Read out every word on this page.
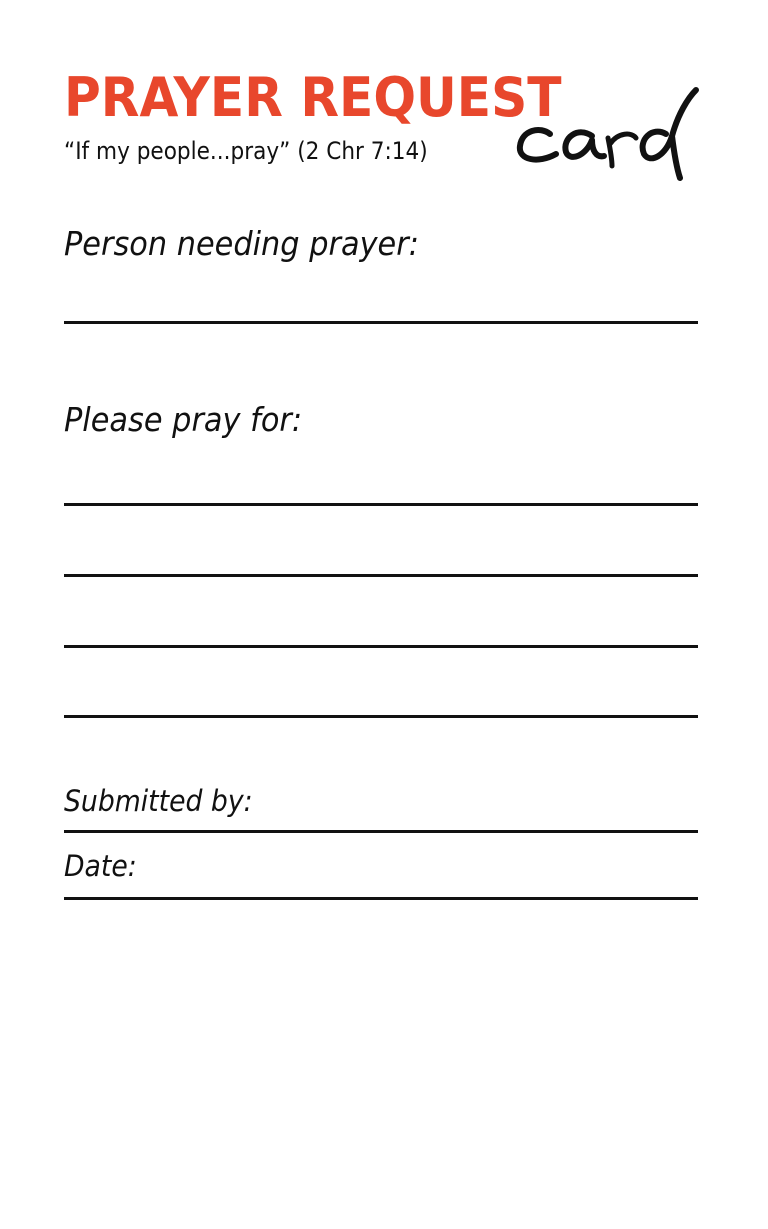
PRAYER REQUEST
“If my people...pray” (2 Chr 7:14)
Person needing prayer:
Please pray for:
Submitted by:
Date:
